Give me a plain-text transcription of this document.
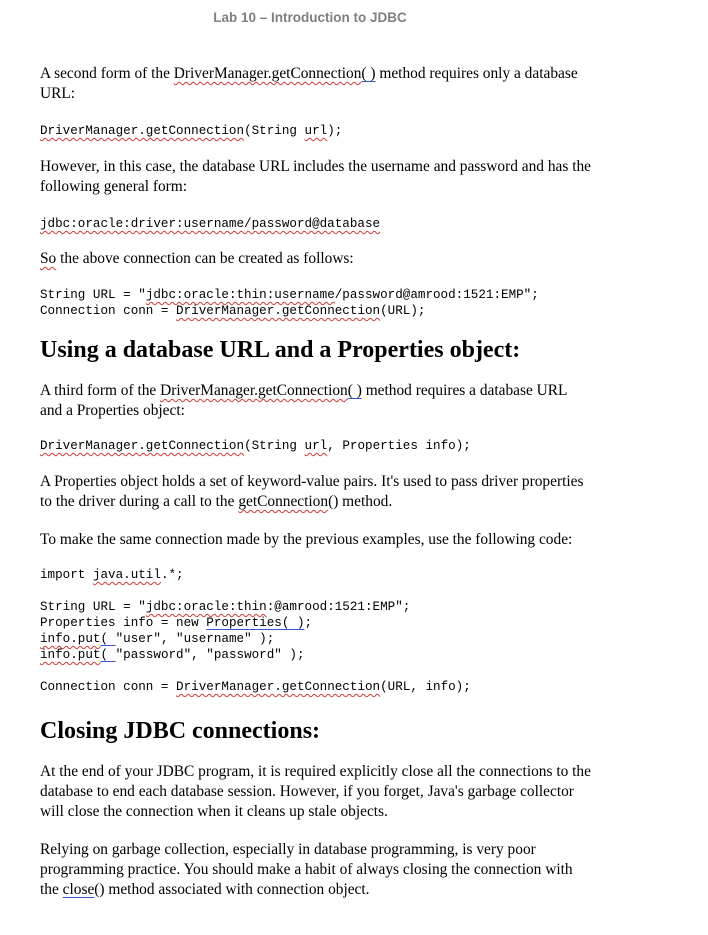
Lab 10 – Introduction to JDBC

A second form of the DriverManager.getConnection( ) method requires only a database
URL:

DriverManager.getConnection(String url);

However, in this case, the database URL includes the username and password and has the
following general form:

jdbc:oracle:driver:username/password@database

So the above connection can be created as follows:

String URL = "jdbc:oracle:thin:username/password@amrood:1521:EMP";

Connection conn = DriverManager.getConnection(URL);

Using a database URL and a Properties object:

A third form of the DriverManager.getConnection( ) method requires a database URL
and a Properties object:

DriverManager.getConnection(String url, Properties info);

A Properties object holds a set of keyword-value pairs. It's used to pass driver properties
to the driver during a call to the getConnection() method.

To make the same connection made by the previous examples, use the following code:

import java.util.*;

String URL = "jdbc:oracle:thin:@amrood:1521:EMP";

Properties info = new Properties( );

info.put( "user", "username" );

info.put( "password", "password" );

Connection conn = DriverManager.getConnection(URL, info);

Closing JDBC connections:

At the end of your JDBC program, it is required explicitly close all the connections to the
database to end each database session. However, if you forget, Java's garbage collector
will close the connection when it cleans up stale objects.

Relying on garbage collection, especially in database programming, is very poor
programming practice. You should make a habit of always closing the connection with
the close() method associated with connection object.
